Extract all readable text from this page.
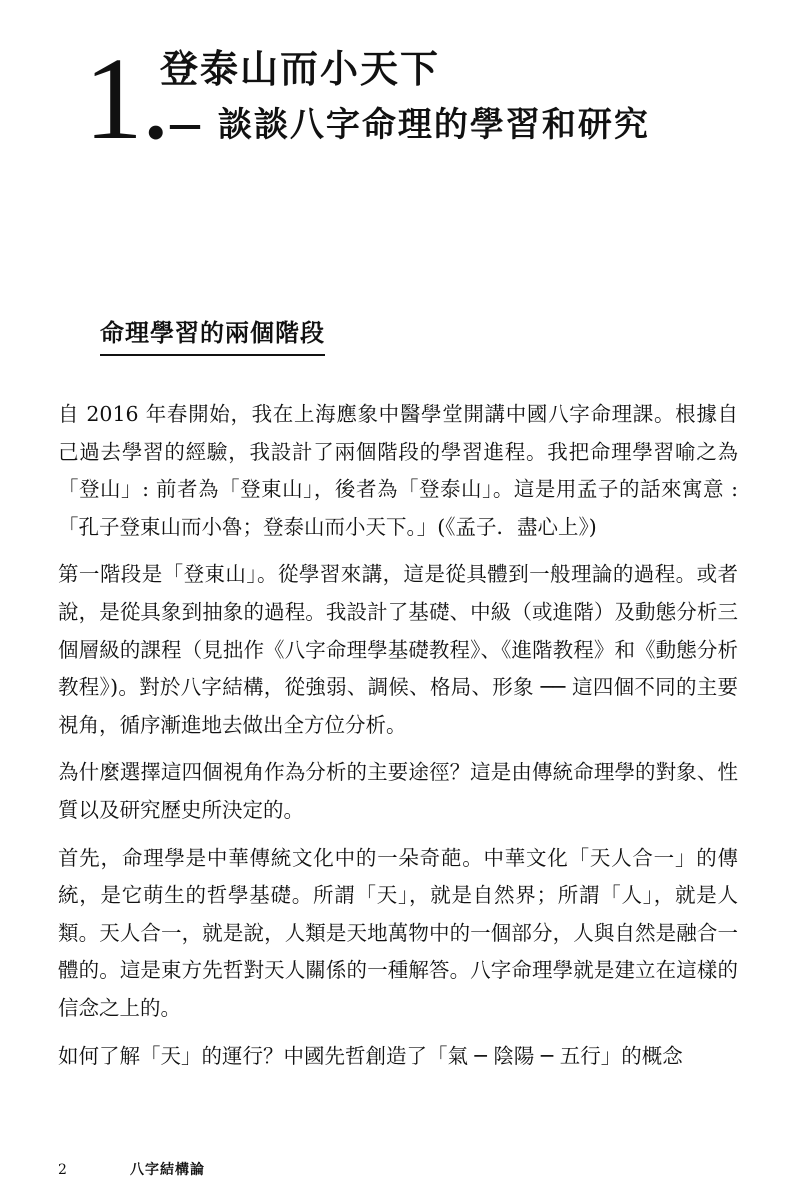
1.
登泰山而小天下
— 談談八字命理的學習和研究
命理學習的兩個階段

自 2016 年春開始，我在上海應象中醫學堂開講中國八字命理課。根據自己過去學習的經驗，我設計了兩個階段的學習進程。我把命理學習喻之為「登山」: 前者為「登東山」，後者為「登泰山」。這是用孟子的話來寓意 :「孔子登東山而小魯；登泰山而小天下。」(《孟子．盡心上》)

第一階段是「登東山」。從學習來講，這是從具體到一般理論的過程。或者說，是從具象到抽象的過程。我設計了基礎、中級（或進階）及動態分析三個層級的課程（見拙作《八字命理學基礎教程》、《進階教程》和《動態分析教程》)。對於八字結構，從強弱、調候、格局、形象 ── 這四個不同的主要視角，循序漸進地去做出全方位分析。

為什麼選擇這四個視角作為分析的主要途徑？這是由傳統命理學的對象、性質以及研究歷史所決定的。

首先，命理學是中華傳統文化中的一朵奇葩。中華文化「天人合一」的傳統，是它萌生的哲學基礎。所謂「天」，就是自然界；所謂「人」，就是人類。天人合一，就是說，人類是天地萬物中的一個部分，人與自然是融合一體的。這是東方先哲對天人關係的一種解答。八字命理學就是建立在這樣的信念之上的。

如何了解「天」的運行？中國先哲創造了「氣 ─ 陰陽 ─ 五行」的概念

2	八字結構論
